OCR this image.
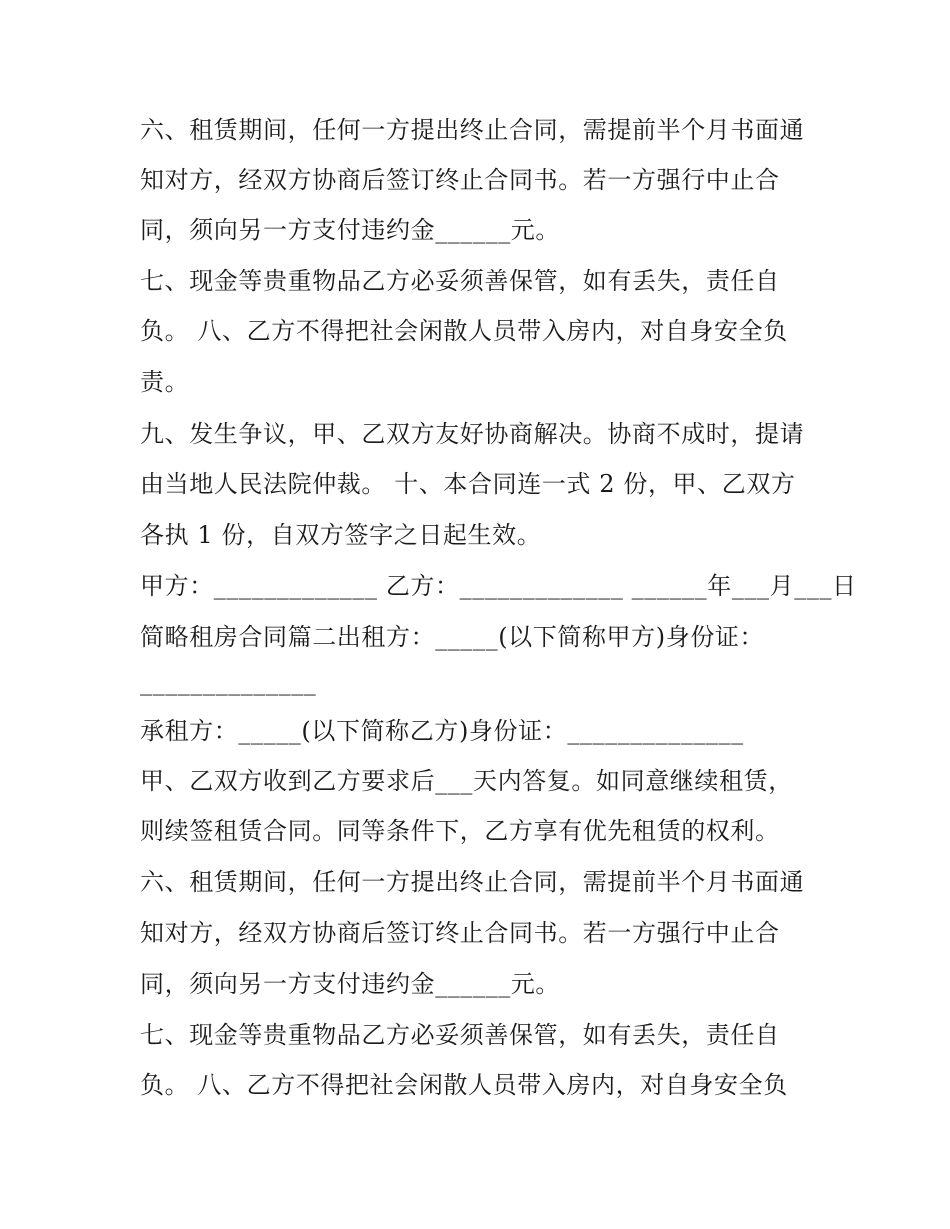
六、租赁期间，任何一方提出终止合同，需提前半个月书面通
知对方，经双方协商后签订终止合同书。若一方强行中止合
同，须向另一方支付违约金______元。
七、现金等贵重物品乙方必妥须善保管，如有丢失，责任自
负。 八、乙方不得把社会闲散人员带入房内，对自身安全负
责。
九、发生争议，甲、乙双方友好协商解决。协商不成时，提请
由当地人民法院仲裁。 十、本合同连一式 2 份，甲、乙双方
各执 1 份，自双方签字之日起生效。
甲方：_____________ 乙方：_____________ ______年___月___日
简略租房合同篇二出租方：_____(以下简称甲方)身份证：
______________
承租方：_____(以下简称乙方)身份证：______________
甲、乙双方收到乙方要求后___天内答复。如同意继续租赁，
则续签租赁合同。同等条件下，乙方享有优先租赁的权利。
六、租赁期间，任何一方提出终止合同，需提前半个月书面通
知对方，经双方协商后签订终止合同书。若一方强行中止合
同，须向另一方支付违约金______元。
七、现金等贵重物品乙方必妥须善保管，如有丢失，责任自
负。 八、乙方不得把社会闲散人员带入房内，对自身安全负
